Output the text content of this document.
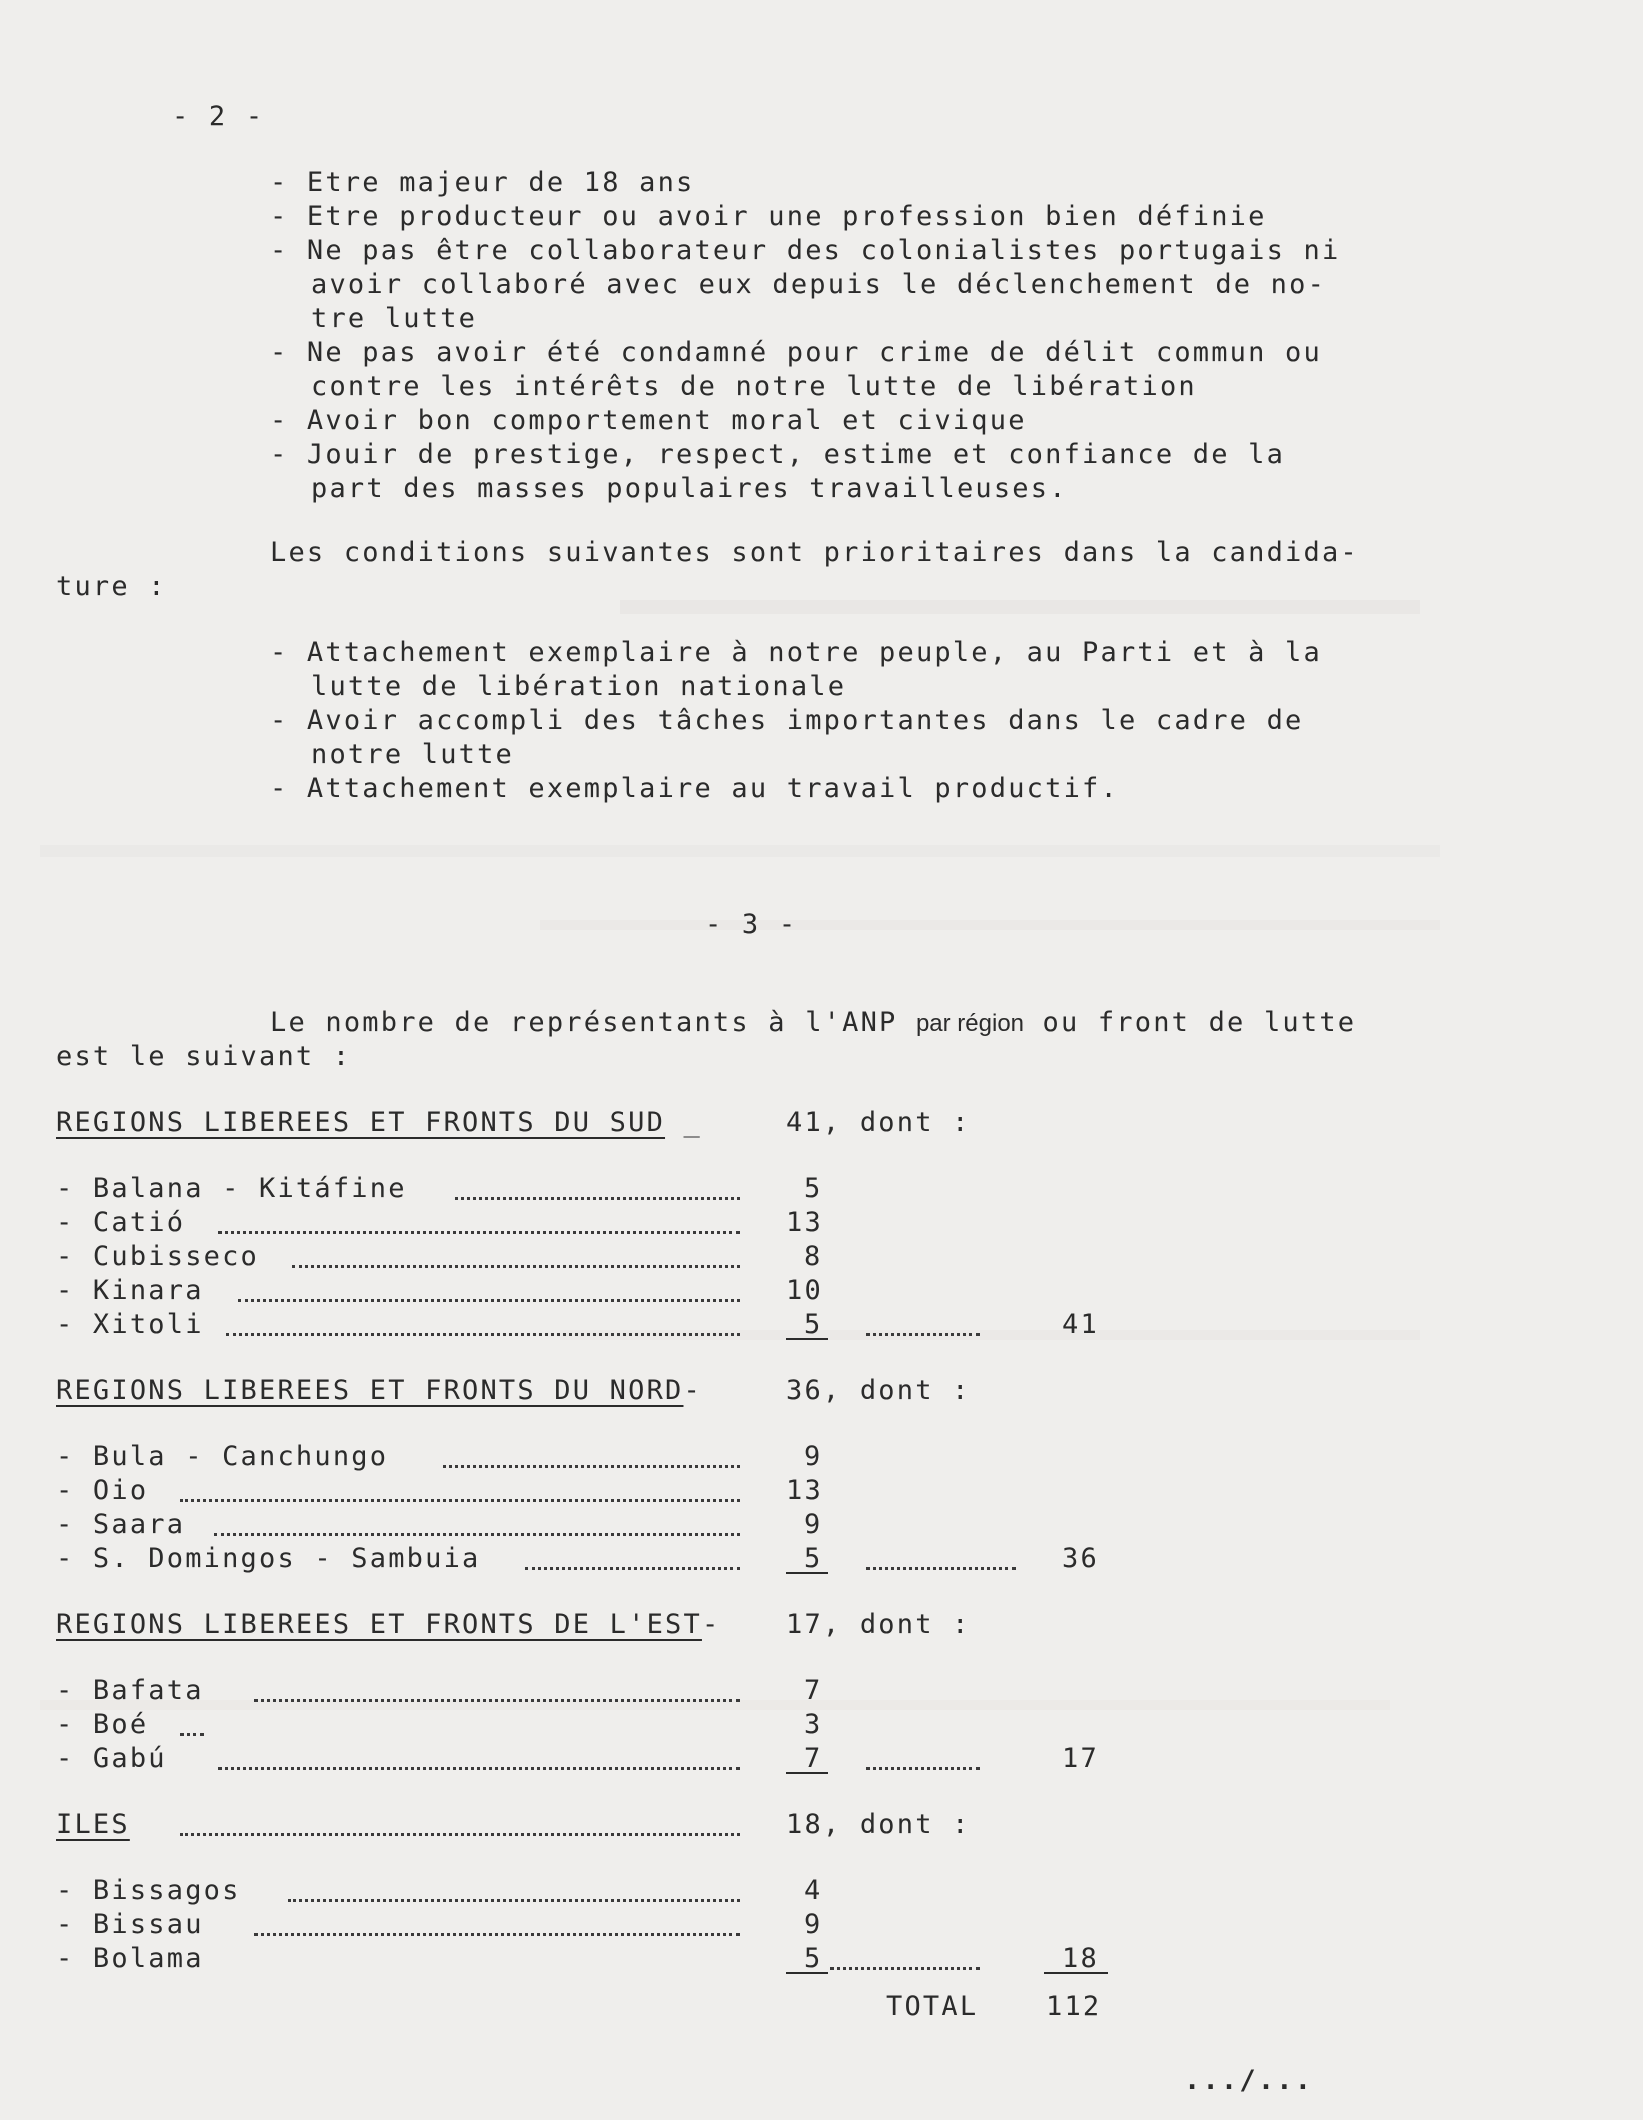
- 2 -
- Etre majeur de 18 ans
- Etre producteur ou avoir une profession bien définie
- Ne pas être collaborateur des colonialistes portugais ni
avoir collaboré avec eux depuis le déclenchement de no-
tre lutte
- Ne pas avoir été condamné pour crime de délit commun ou
contre les intérêts de notre lutte de libération
- Avoir bon comportement moral et civique
- Jouir de prestige, respect, estime et confiance de la
part des masses populaires travailleuses.
Les conditions suivantes sont prioritaires dans la candida-
ture :
- Attachement exemplaire à notre peuple, au Parti et à la
lutte de libération nationale
- Avoir accompli des tâches importantes dans le cadre de
notre lutte
- Attachement exemplaire au travail productif.
- 3 -
Le nombre de représentants à l'ANP par région ou front de lutte
est le suivant :
REGIONS LIBEREES ET FRONTS DU SUD _	41, dont :
- Balana - Kitáfine	5
- Catió	13
- Cubisseco	8
- Kinara	10
- Xitoli	5	41
REGIONS LIBEREES ET FRONTS DU NORD-	36, dont :
- Bula - Canchungo	9
- Oio	13
- Saara	9
- S. Domingos - Sambuia	5	36
REGIONS LIBEREES ET FRONTS DE L'EST- 17, dont :
- Bafata	7
- Boé	3
- Gabú	7	17
ILES	18, dont :
- Bissagos	4
- Bissau	9
- Bolama	5	18
TOTAL	112
.../...
